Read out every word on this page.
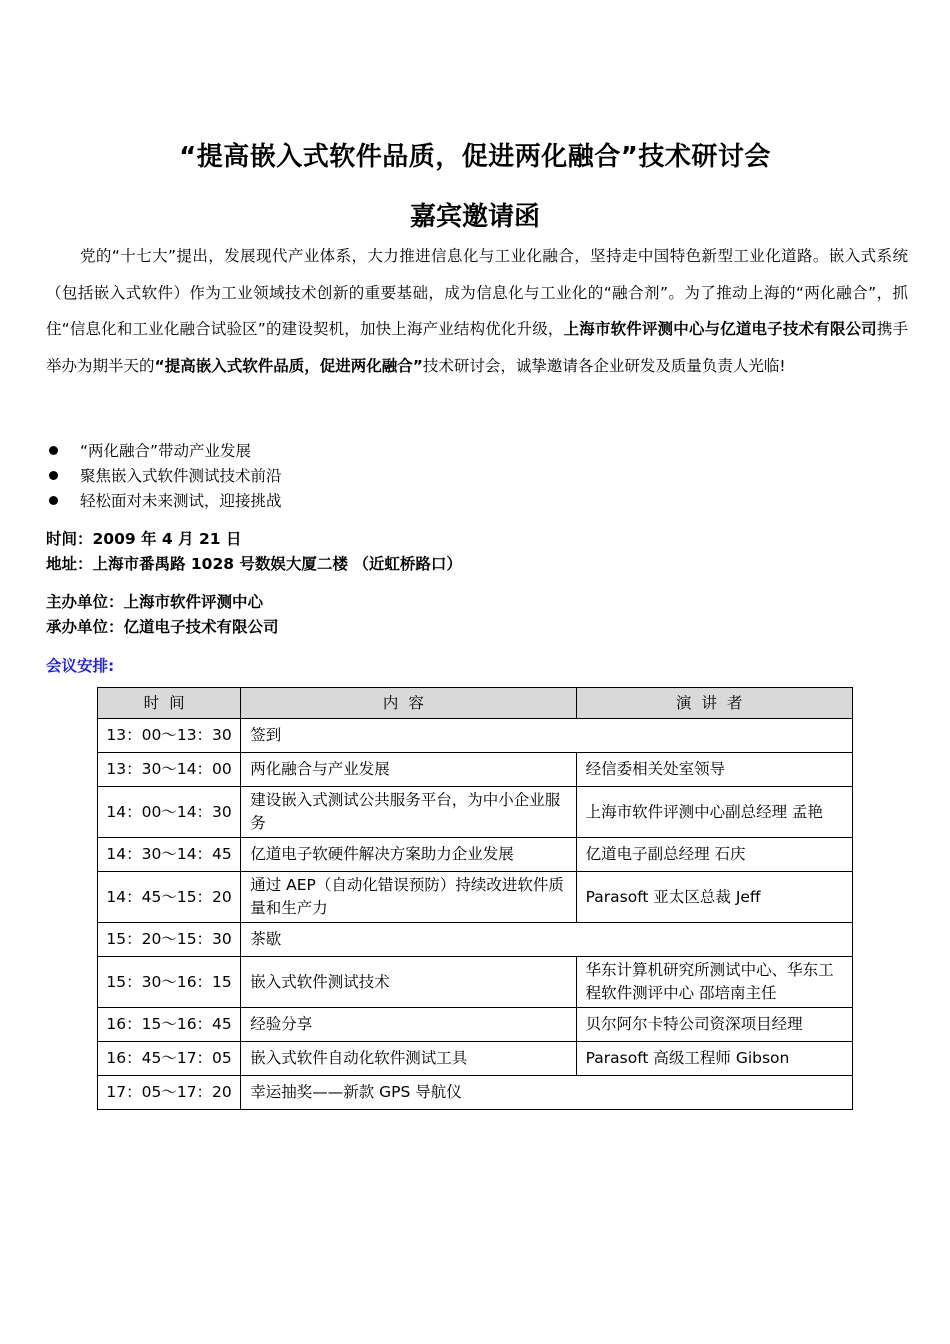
“提高嵌入式软件品质，促进两化融合”技术研讨会
嘉宾邀请函

党的“十七大”提出，发展现代产业体系，大力推进信息化与工业化融合，坚持走中国特色新型工业化道路。嵌入式系统（包括嵌入式软件）作为工业领域技术创新的重要基础，成为信息化与工业化的“融合剂”。为了推动上海的“两化融合”，抓住“信息化和工业化融合试验区”的建设契机，加快上海产业结构优化升级，上海市软件评测中心与亿道电子技术有限公司携手举办为期半天的“提高嵌入式软件品质，促进两化融合”技术研讨会，诚挚邀请各企业研发及质量负责人光临!

“两化融合”带动产业发展
聚焦嵌入式软件测试技术前沿
轻松面对未来测试，迎接挑战
时间：2009 年 4 月 21 日
地址：上海市番禺路 1028 号数娱大厦二楼 （近虹桥路口）
主办单位：上海市软件评测中心
承办单位：亿道电子技术有限公司
会议安排:
时间	内容	演讲者
13：00～13：30	签到	
13：30～14：00	两化融合与产业发展	经信委相关处室领导
14：00～14：30	建设嵌入式测试公共服务平台，为中小企业服务	上海市软件评测中心副总经理 孟艳
14：30～14：45	亿道电子软硬件解决方案助力企业发展	亿道电子副总经理 石庆
14：45～15：20	通过 AEP（自动化错误预防）持续改进软件质量和生产力	Parasoft 亚太区总裁 Jeff
15：20～15：30	茶歇	
15：30～16：15	嵌入式软件测试技术	华东计算机研究所测试中心、华东工程软件测评中心 邵培南主任
16：15～16：45	经验分享	贝尔阿尔卡特公司资深项目经理
16：45～17：05	嵌入式软件自动化软件测试工具	Parasoft 高级工程师 Gibson
17：05～17：20	幸运抽奖——新款 GPS 导航仪	
